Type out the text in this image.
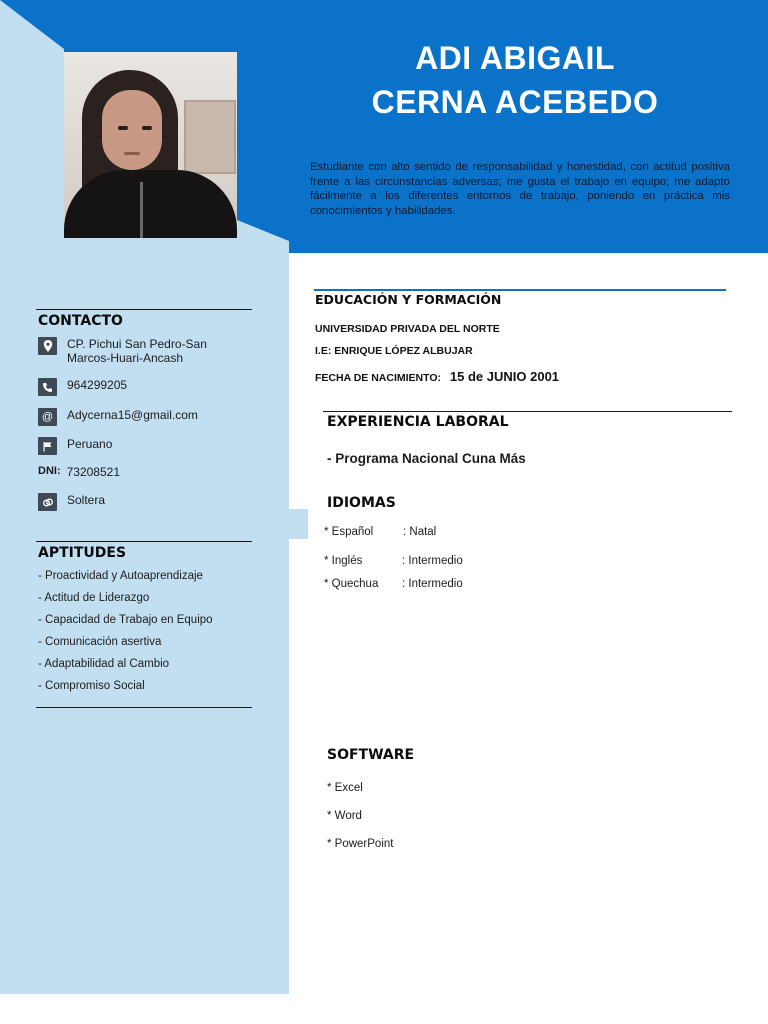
ADI ABIGAIL
CERNA ACEBEDO

Estudiante con alto sentido de responsabilidad y honestidad, con actitud positiva frente a las circunstancias adversas; me gusta el trabajo en equipo; me adapto fácilmente a los diferentes entornos de trabajo, poniendo en práctica mis conocimientos y habilidades.

CONTACTO
CP. Pichui San Pedro-San Marcos-Huari-Ancash
964299205
@	Adycerna15@gmail.com
Peruano
DNI: 73208521
Soltera
APTITUDES
- Proactividad y Autoaprendizaje
- Actitud de Liderazgo
- Capacidad de Trabajo en Equipo
- Comunicación asertiva
- Adaptabilidad al Cambio
- Compromiso Social
EDUCACIÓN Y FORMACIÓN
UNIVERSIDAD PRIVADA DEL NORTE
I.E: ENRIQUE LÓPEZ ALBUJAR
FECHA DE NACIMIENTO: 15 de JUNIO 2001
EXPERIENCIA LABORAL
- Programa Nacional Cuna Más
IDIOMAS
* Español	: Natal
* Inglés	: Intermedio
* Quechua : Intermedio
SOFTWARE
* Excel
* Word
* PowerPoint
